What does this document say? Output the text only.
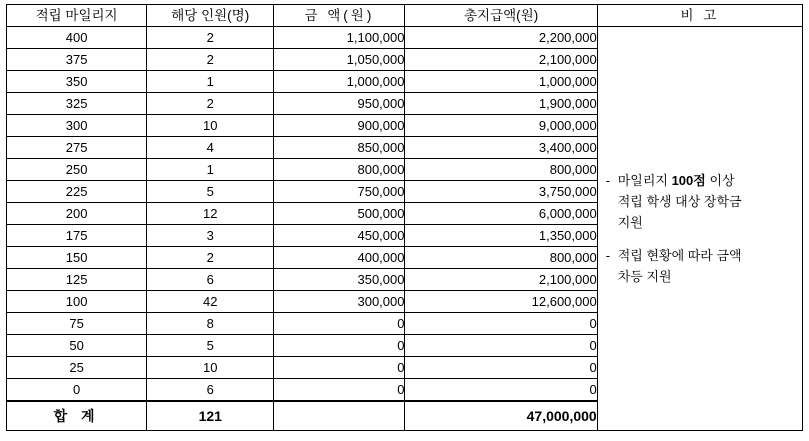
적립 마일리지	해당 인원(명)	금 액(원)	총지급액(원)	비 고
400	2	1,100,000	2,200,000	
- 마일리지 100점 이상
적립 학생 대상 장학금
지원
- 적립 현황에 따라 금액
차등 지원

375	2	1,050,000	2,100,000	
350	1	1,000,000	1,000,000	
325	2	950,000	1,900,000	
300	10	900,000	9,000,000	
275	4	850,000	3,400,000	
250	1	800,000	800,000	
225	5	750,000	3,750,000	
200	12	500,000	6,000,000	
175	3	450,000	1,350,000	
150	2	400,000	800,000	
125	6	350,000	2,100,000	
100	42	300,000	12,600,000	
75	8	0	0	
50	5	0	0	
25	10	0	0	
0	6	0	0	
합 계	121		47,000,000	
